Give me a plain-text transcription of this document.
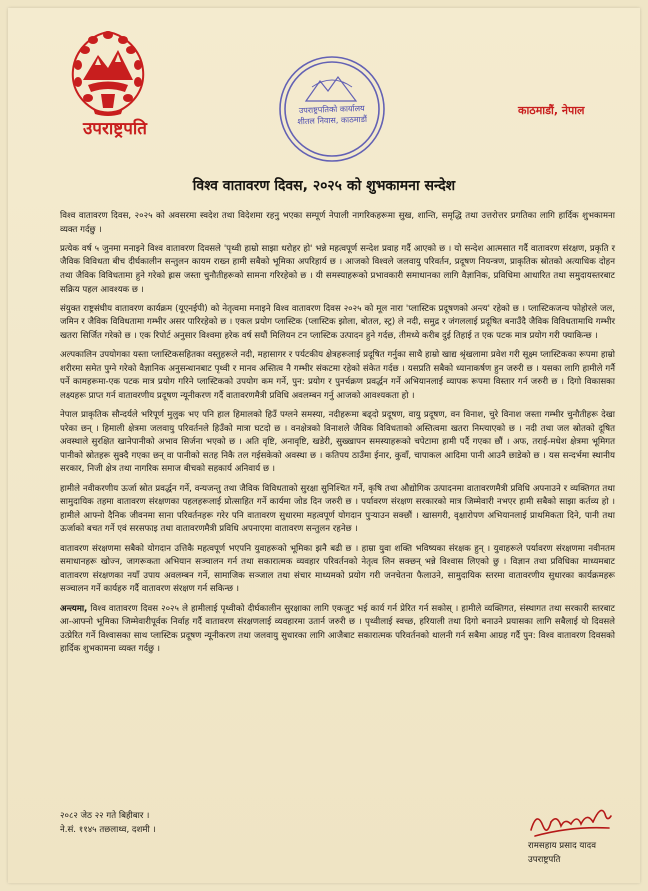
उपराष्ट्रपति
उपराष्ट्रपतिको कार्यालय शीतल निवास, काठमाडौं
काठमाडौं, नेपाल
विश्व वातावरण दिवस, २०२५ को शुभकामना सन्देश

विश्व वातावरण दिवस, २०२५ को अवसरमा स्वदेश तथा विदेशमा रहनु भएका सम्पूर्ण नेपाली नागरिकहरूमा सुख, शान्ति, समृद्धि तथा उत्तरोत्तर प्रगतिका लागि हार्दिक शुभकामना व्यक्त गर्दछु ।

प्रत्येक वर्ष ५ जुनमा मनाइने विश्व वातावरण दिवसले 'पृथ्वी हाम्रो साझा धरोहर हो' भन्ने महत्वपूर्ण सन्देश प्रवाह गर्दै आएको छ । यो सन्देश आत्मसात गर्दै वातावरण संरक्षण, प्रकृति र जैविक विविधता बीच दीर्घकालीन सन्तुलन कायम राख्न हामी सबैको भूमिका अपरिहार्य छ । आजको विश्वले जलवायु परिवर्तन, प्रदूषण नियन्त्रण, प्राकृतिक स्रोतको अत्याधिक दोहन तथा जैविक विविधतामा हुने गरेको ह्रास जस्ता चुनौतीहरूको सामना गरिरहेको छ । यी समस्याहरूको प्रभावकारी समाधानका लागि वैज्ञानिक, प्रविधिमा आधारित तथा समुदायस्तरबाट सक्रिय पहल आवश्यक छ ।

संयुक्त राष्ट्रसंघीय वातावरण कार्यक्रम (यूएनईपी) को नेतृत्वमा मनाइने विश्व वातावरण दिवस २०२५ को मूल नारा 'प्लास्टिक प्रदूषणको अन्त्य' रहेको छ । प्लास्टिकजन्य फोहोरले जल, जमिन र जैविक विविधतामा गम्भीर असर पारिरहेको छ । एकल प्रयोग प्लास्टिक (प्लास्टिक झोला, बोतल, स्ट्र) ले नदी, समुद्र र जंगललाई प्रदूषित बनाउँदै जैविक विविधतामाथि गम्भीर खतरा सिर्जित गरेको छ । एक रिपोर्ट अनुसार विश्वमा हरेक वर्ष सयौं मिलियन टन प्लास्टिक उत्पादन हुने गर्दछ, तीमध्ये करीब दुई तिहाई त एक पटक मात्र प्रयोग गरी फ्याकिन्छ ।

अल्पकालिन उपयोगका यस्ता प्लास्टिकसहितका वस्तुहरूले नदी, महासागर र पर्यटकीय क्षेत्रहरूलाई प्रदूषित गर्नुका साथै हाम्रो खाद्य श्रृंखलामा प्रवेश गरी सूक्ष्म प्लास्टिकका रूपमा हाम्रो शरीरमा समेत पुग्ने गरेको वैज्ञानिक अनुसन्धानबाट पृथ्वी र मानव अस्तित्व नै गम्भीर संकटमा रहेको संकेत गर्दछ । यसप्रति सबैको ध्यानाकर्षण हुन जरुरी छ । यसका लागि हामीले गर्नै पर्ने कामहरूमा-एक पटक मात्र प्रयोग गरिने प्लास्टिकको उपयोग कम गर्ने, पुन: प्रयोग र पुनर्चक्रण प्रवर्द्धन गर्ने अभियानलाई व्यापक रूपमा विस्तार गर्न जरुरी छ । दिगो विकासका लक्ष्यहरू प्राप्त गर्न वातावरणीय प्रदूषण न्यूनीकरण गर्दै वातावरणमैत्री प्रविधि अवलम्बन गर्नु आजको आवश्यकता हो ।

नेपाल प्राकृतिक सौन्दर्यले भरिपूर्ण मुलुक भए पनि हाल हिमालको हिउँ पग्लने समस्या, नदीहरूमा बढ्दो प्रदूषण, वायु प्रदूषण, वन विनाश, चुरे विनाश जस्ता गम्भीर चुनौतीहरू देखा परेका छन् । हिमाली क्षेत्रमा जलवायु परिवर्तनले हिउँको मात्रा घटदो छ । वनक्षेत्रको विनाशले जैविक विविधताको अस्तित्वमा खतरा निम्त्याएको छ । नदी तथा जल स्रोतको दूषित अवस्थाले सुरक्षित खानेपानीको अभाव सिर्जना भएको छ । अति वृष्टि, अनावृष्टि, खडेरी, सुख्खापन समस्याहरूको चपेटामा हामी पर्दै गएका छौं । अफ, तराई-मधेश क्षेत्रमा भूमिगत पानीको स्रोतहरू सुक्दै गएका छन् वा पानीको सतह निकै तल गईसकेको अवस्था छ । कतिपय ठाउँमा ईनार, कुवाँ, चापाकल आदिमा पानी आउनै छाडेको छ । यस सन्दर्भमा स्थानीय सरकार, निजी क्षेत्र तथा नागरिक समाज बीचको सहकार्य अनिवार्य छ ।

हामीले नवीकरणीय ऊर्जा स्रोत प्रवर्द्धन गर्ने, वन्यजन्तु तथा जैविक विविधताको सुरक्षा सुनिश्चित गर्ने, कृषि तथा औद्योगिक उत्पादनमा वातावरणमैत्री प्रविधि अपनाउने र व्यक्तिगत तथा सामुदायिक तहमा वातावरण संरक्षणका पहलहरूलाई प्रोत्साहित गर्ने कार्यमा जोड दिन जरुरी छ । पर्यावरण संरक्षण सरकारको मात्र जिम्मेवारी नभएर हामी सबैको साझा कर्तव्य हो । हामीले आफ्नो दैनिक जीवनमा साना परिवर्तनहरू गरेर पनि वातावरण सुधारमा महत्वपूर्ण योगदान पुऱ्याउन सक्छौं । खासगरी, वृक्षारोपण अभियानलाई प्राथमिकता दिने, पानी तथा ऊर्जाको बचत गर्ने एवं सरसफाइ तथा वातावरणमैत्री प्रविधि अपनाएमा वातावरण सन्तुलन रहनेछ ।

वातावरण संरक्षणमा सबैको योगदान उत्तिकै महत्वपूर्ण भएपनि युवाहरूको भूमिका झनै बढी छ । हाम्रा युवा शक्ति भविष्यका संरक्षक हुन् । युवाहरूले पर्यावरण संरक्षणमा नवीनतम समाधानहरू खोज्न, जागरूकता अभियान सञ्चालन गर्न तथा सकारात्मक व्यवहार परिवर्तनको नेतृत्व लिन सक्छन् भन्ने विश्वास लिएको छु । विज्ञान तथा प्रविधिका माध्यमबाट वातावरण संरक्षणका नयाँ उपाय अवलम्बन गर्ने, सामाजिक सञ्जाल तथा संचार माध्यमको प्रयोग गरी जनचेतना फैलाउने, सामुदायिक स्तरमा वातावरणीय सुधारका कार्यक्रमहरू सञ्चालन गर्ने कार्यहरु गर्दै वातावरण संरक्षण गर्न सकिन्छ ।

अन्त्यमा, विश्व वातावरण दिवस २०२५ ले हामीलाई पृथ्वीको दीर्घकालीन सुरक्षाका लागि एकजुट भई कार्य गर्न प्रेरित गर्न सकोस् । हामीले व्यक्तिगत, संस्थागत तथा सरकारी स्तरबाट आ-आफ्नो भूमिका जिम्मेवारीपूर्वक निर्वाह गर्दै वातावरण संरक्षणलाई व्यवहारमा उतार्न जरुरी छ । पृथ्वीलाई स्वच्छ, हरियाली तथा दिगो बनाउने प्रयासका लागि सबैलाई यो दिवसले उत्प्रेरित गर्ने विश्वासका साथ प्लास्टिक प्रदूषण न्यूनीकरण तथा जलवायु सुधारका लागि आजैबाट सकारात्मक परिवर्तनको थालनी गर्न सबैमा आग्रह गर्दै पुन: विश्व वातावरण दिवसको हार्दिक शुभकामना व्यक्त गर्दछु ।

२०८२ जेठ २२ गते बिहीबार ।
ने.सं. ११४५ तछलाथ्व, दशमी ।
रामसहाय प्रसाद यादव
उपराष्ट्रपति
